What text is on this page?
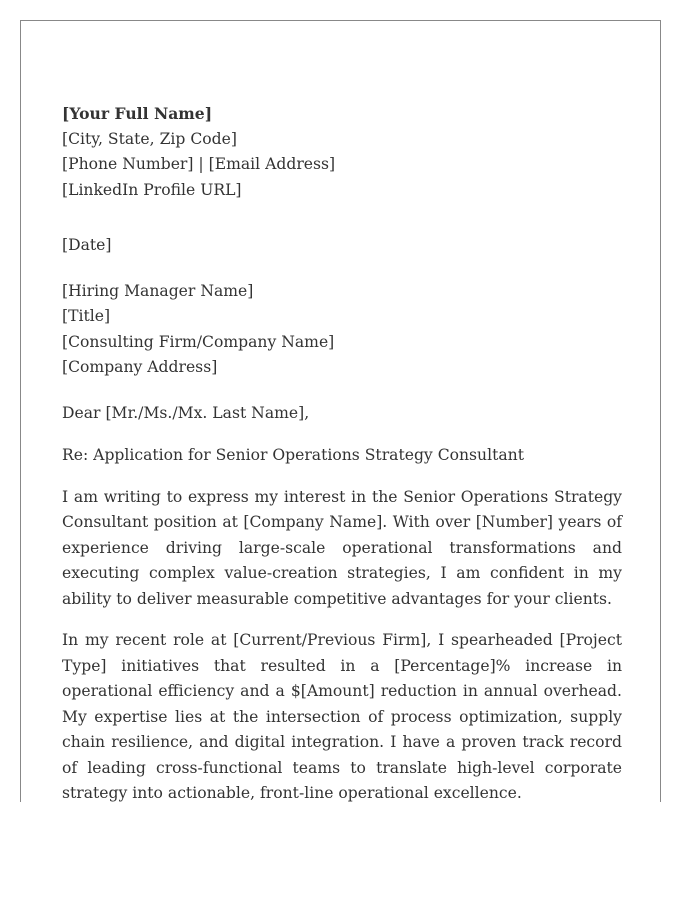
[Your Full Name]
[City, State, Zip Code]
[Phone Number] | [Email Address]
[LinkedIn Profile URL]
[Date]
[Hiring Manager Name]
[Title]
[Consulting Firm/Company Name]
[Company Address]
Dear [Mr./Ms./Mx. Last Name],
Re: Application for Senior Operations Strategy Consultant

I am writing to express my interest in the Senior Operations Strategy Consultant position at [Company Name]. With over [Number] years of experience driving large-scale operational transformations and executing complex value-creation strategies, I am confident in my ability to deliver measurable competitive advantages for your clients.

In my recent role at [Current/Previous Firm], I spearheaded [Project Type] initiatives that resulted in a [Percentage]% increase in operational efficiency and a $[Amount] reduction in annual overhead. My expertise lies at the intersection of process optimization, supply chain resilience, and digital integration. I have a proven track record of leading cross-functional teams to translate high-level corporate strategy into actionable, front-line operational excellence.
